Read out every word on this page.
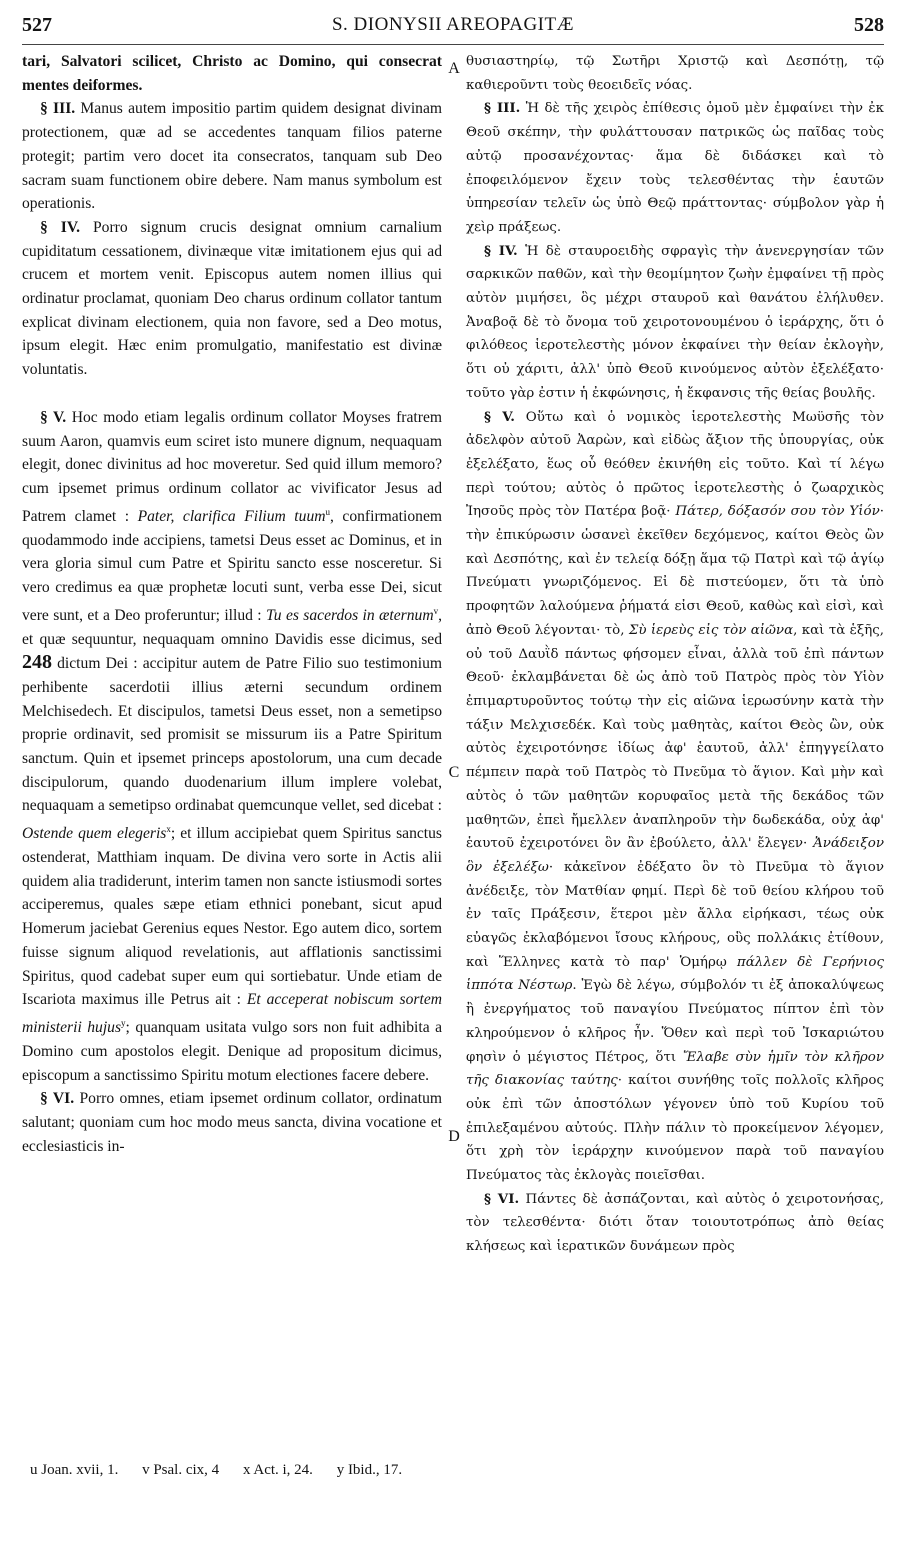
527	S. DIONYSII AREOPAGITÆ	528
A
C
D

tari, Salvatori scilicet, Christo ac Domino, qui consecrat mentes deiformes.

§ III. Manus autem impositio partim quidem designat divinam protectionem, quæ ad se accedentes tanquam filios paterne protegit; partim vero docet ita consecratos, tanquam sub Deo sacram suam functionem obire debere. Nam manus symbolum est operationis.

§ IV. Porro signum crucis designat omnium carnalium cupiditatum cessationem, divinæque vitæ imitationem ejus qui ad crucem et mortem venit. Episcopus autem nomen illius qui ordinatur proclamat, quoniam Deo charus ordinum collator tantum explicat divinam electionem, quia non favore, sed a Deo motus, ipsum elegit. Hæc enim promulgatio, manifestatio est divinæ voluntatis.

§ V. Hoc modo etiam legalis ordinum collator Moyses fratrem suum Aaron, quamvis eum sciret isto munere dignum, nequaquam elegit, donec divinitus ad hoc moveretur. Sed quid illum memoro? cum ipsemet primus ordinum collator ac vivificator Jesus ad Patrem clamet : Pater, clarifica Filium tuum$^u$, confirmationem quodammodo inde accipiens, tametsi Deus esset ac Dominus, et in vera gloria simul cum Patre et Spiritu sancto esse nosceretur. Si vero credimus ea quæ prophetæ locuti sunt, verba esse Dei, sicut vere sunt, et a Deo proferuntur; illud : Tu es sacerdos in æternum$^v$, et quæ sequuntur, nequaquam omnino Davidis esse dicimus, sed 248 dictum Dei : accipitur autem de Patre Filio suo testimonium perhibente sacerdotii illius æterni secundum ordinem Melchisedech. Et discipulos, tametsi Deus esset, non a semetipso proprie ordinavit, sed promisit se missurum iis a Patre Spiritum sanctum. Quin et ipsemet princeps apostolorum, una cum decade discipulorum, quando duodenarium illum implere volebat, nequaquam a semetipso ordinabat quemcunque vellet, sed dicebat : Ostende quem elegeris$^x$; et illum accipiebat quem Spiritus sanctus ostenderat, Matthiam inquam. De divina vero sorte in Actis alii quidem alia tradiderunt, interim tamen non sancte istiusmodi sortes acciperemus, quales sæpe etiam ethnici ponebant, sicut apud Homerum jaciebat Gerenius eques Nestor. Ego autem dico, sortem fuisse signum aliquod revelationis, aut afflationis sanctissimi Spiritus, quod cadebat super eum qui sortiebatur. Unde etiam de Iscariota maximus ille Petrus ait : Et acceperat nobiscum sortem ministerii hujus$^y$; quanquam usitata vulgo sors non fuit adhibita a Domino cum apostolos elegit. Denique ad propositum dicimus, episcopum a sanctissimo Spiritu motum electiones facere debere.

§ VI. Porro omnes, etiam ipsemet ordinum collator, ordinatum salutant; quoniam cum hoc modo meus sancta, divina vocatione et ecclesiasticis in-

θυσιαστηρίῳ, τῷ Σωτῆρι Χριστῷ καὶ Δεσπότῃ, τῷ καθιεροῦντι τοὺς θεοειδεῖς νόας.

§ III. Ἡ δὲ τῆς χειρὸς ἐπίθεσις ὁμοῦ μὲν ἐμφαίνει τὴν ἐκ Θεοῦ σκέπην, τὴν φυλάττουσαν πατρικῶς ὡς παῖδας τοὺς αὐτῷ προσανέχοντας· ἅμα δὲ διδάσκει καὶ τὸ ἐποφειλόμενον ἔχειν τοὺς τελεσθέντας τὴν ἑαυτῶν ὑπηρεσίαν τελεῖν ὡς ὑπὸ Θεῷ πράττοντας· σύμβολον γὰρ ἡ χεὶρ πράξεως.

§ IV. Ἡ δὲ σταυροειδὴς σφραγὶς τὴν ἀνενεργησίαν τῶν σαρκικῶν παθῶν, καὶ τὴν θεομίμητον ζωὴν ἐμφαίνει τῇ πρὸς αὐτὸν μιμήσει, ὃς μέχρι σταυροῦ καὶ θανάτου ἐλήλυθεν. Ἀναβοᾷ δὲ τὸ ὄνομα τοῦ χειροτονουμένου ὁ ἱεράρχης, ὅτι ὁ φιλόθεος ἱεροτελεστὴς μόνον ἐκφαίνει τὴν θείαν ἐκλογὴν, ὅτι οὐ χάριτι, ἀλλ' ὑπὸ Θεοῦ κινούμενος αὐτὸν ἐξελέξατο· τοῦτο γὰρ ἐστιν ἡ ἐκφώνησις, ἡ ἔκφανσις τῆς θείας βουλῆς.

§ V. Οὕτω καὶ ὁ νομικὸς ἱεροτελεστὴς Μωϋσῆς τὸν ἀδελφὸν αὐτοῦ Ἀαρὼν, καὶ εἰδὼς ἄξιον τῆς ὑπουργίας, οὐκ ἐξελέξατο, ἕως οὗ θεόθεν ἐκινήθη εἰς τοῦτο. Καὶ τί λέγω περὶ τούτου; αὐτὸς ὁ πρῶτος ἱεροτελεστὴς ὁ ζωαρχικὸς Ἰησοῦς πρὸς τὸν Πατέρα βοᾷ· Πάτερ, δόξασόν σου τὸν Υἱόν· τὴν ἐπικύρωσιν ὡσανεὶ ἐκεῖθεν δεχόμενος, καίτοι Θεὸς ὢν καὶ Δεσπότης, καὶ ἐν τελείᾳ δόξῃ ἅμα τῷ Πατρὶ καὶ τῷ ἁγίῳ Πνεύματι γνωριζόμενος. Εἰ δὲ πιστεύομεν, ὅτι τὰ ὑπὸ προφητῶν λαλούμενα ῥήματά εἰσι Θεοῦ, καθὼς καὶ εἰσὶ, καὶ ἀπὸ Θεοῦ λέγονται· τὸ, Σὺ ἱερεὺς εἰς τὸν αἰῶνα, καὶ τὰ ἑξῆς, οὐ τοῦ Δαυῒδ πάντως φήσομεν εἶναι, ἀλλὰ τοῦ ἐπὶ πάντων Θεοῦ· ἐκλαμβάνεται δὲ ὡς ἀπὸ τοῦ Πατρὸς πρὸς τὸν Υἱὸν ἐπιμαρτυροῦντος τούτῳ τὴν εἰς αἰῶνα ἱερωσύνην κατὰ τὴν τάξιν Μελχισεδέκ. Καὶ τοὺς μαθητὰς, καίτοι Θεὸς ὢν, οὐκ αὐτὸς ἐχειροτόνησε ἰδίως ἀφ' ἑαυτοῦ, ἀλλ' ἐπηγγείλατο πέμπειν παρὰ τοῦ Πατρὸς τὸ Πνεῦμα τὸ ἅγιον. Καὶ μὴν καὶ αὐτὸς ὁ τῶν μαθητῶν κορυφαῖος μετὰ τῆς δεκάδος τῶν μαθητῶν, ἐπεὶ ἤμελλεν ἀναπληροῦν τὴν δωδεκάδα, οὐχ ἀφ' ἑαυτοῦ ἐχειροτόνει ὃν ἂν ἐβούλετο, ἀλλ' ἔλεγεν· Ἀνάδειξον ὃν ἐξελέξω· κἀκεῖνον ἐδέξατο ὃν τὸ Πνεῦμα τὸ ἅγιον ἀνέδειξε, τὸν Ματθίαν φημί. Περὶ δὲ τοῦ θείου κλήρου τοῦ ἐν ταῖς Πράξεσιν, ἕτεροι μὲν ἄλλα εἰρήκασι, τέως οὐκ εὐαγῶς ἐκλαβόμενοι ἴσους κλήρους, οὓς πολλάκις ἐτίθουν, καὶ Ἕλληνες κατὰ τὸ παρ' Ὁμήρῳ πάλλεν δὲ Γερήνιος ἱππότα Νέστωρ. Ἐγὼ δὲ λέγω, σύμβολόν τι ἐξ ἀποκαλύψεως ἢ ἐνεργήματος τοῦ παναγίου Πνεύματος πίπτον ἐπὶ τὸν κληρούμενον ὁ κλῆρος ἦν. Ὅθεν καὶ περὶ τοῦ Ἰσκαριώτου φησὶν ὁ μέγιστος Πέτρος, ὅτι Ἔλαβε σὺν ἡμῖν τὸν κλῆρον τῆς διακονίας ταύτης· καίτοι συνήθης τοῖς πολλοῖς κλῆρος οὐκ ἐπὶ τῶν ἀποστόλων γέγονεν ὑπὸ τοῦ Κυρίου τοῦ ἐπιλεξαμένου αὐτούς. Πλὴν πάλιν τὸ προκείμενον λέγομεν, ὅτι χρὴ τὸν ἱεράρχην κινούμενον παρὰ τοῦ παναγίου Πνεύματος τὰς ἐκλογὰς ποιεῖσθαι.

§ VI. Πάντες δὲ ἀσπάζονται, καὶ αὐτὸς ὁ χειροτονήσας, τὸν τελεσθέντα· διότι ὅταν τοιουτοτρόπως ἀπὸ θείας κλήσεως καὶ ἱερατικῶν δυνάμεων πρὸς

u Joan. xvii, 1. v Psal. cix, 4 x Act. i, 24. y Ibid., 17.
